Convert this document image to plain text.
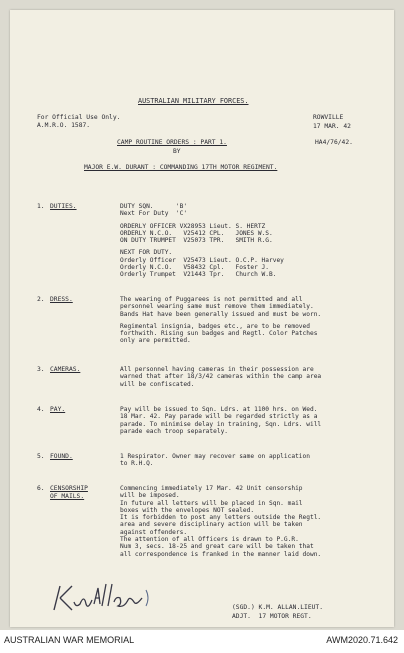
AUSTRALIAN MILITARY FORCES.
For Official Use Only.
A.M.R.O. 1587.
ROWVILLE
17 MAR. 42
HA4/76/42.
CAMP ROUTINE ORDERS : PART 1.
BY
MAJOR E.W. DURANT : COMMANDING 17TH MOTOR REGIMENT.
1. DUTIES.	DUTY SQN.      'B'
Next For Duty  'C'
ORDERLY OFFICER VX28953 Lieut. S. HERTZ
ORDERLY N.C.O.   V25412 CPL.   JONES W.S.
ON DUTY TRUMPET  V25073 TPR.   SMITH R.G.
NEXT FOR DUTY.
Orderly Officer  V25473 Lieut. O.C.P. Harvey
Orderly N.C.O.   V58432 Cpl.   Foster J.
Orderly Trumpet  V21443 Tpr.   Church W.B.
2. DRESS.	The wearing of Puggarees is not permitted and all
personnel wearing same must remove them immediately.
Bands Hat have been generally issued and must be worn.
Regimental insignia, badges etc., are to be removed
forthwith. Rising sun badges and Regtl. Color Patches
only are permitted.
3. CAMERAS.	All personnel having cameras in their possession are
warned that after 18/3/42 cameras within the camp area
will be confiscated.
4. PAY.	Pay will be issued to Sqn. Ldrs. at 1100 hrs. on Wed.
18 Mar. 42. Pay parade will be regarded strictly as a
parade. To minimise delay in training, Sqn. Ldrs. will
parade each troop separately.
5. FOUND.	1 Respirator. Owner may recover same on application
to R.H.Q.
6. CENSORSHIP
OF MAILS.
Commencing immediately 17 Mar. 42 Unit censorship
will be imposed.
In future all letters will be placed in Sqn. mail
boxes with the envelopes NOT sealed.
It is forbidden to post any letters outside the Regtl.
area and severe disciplinary action will be taken
against offenders.
The attention of all Officers is drawn to P.G.R.
Num 3, secs. 18-25 and great care will be taken that
all correspondence is franked in the manner laid down.
(SGD.) K.M. ALLAN.LIEUT.
ADJT.  17 MOTOR REGT.
AUSTRALIAN WAR MEMORIAL	AWM2020.71.642
